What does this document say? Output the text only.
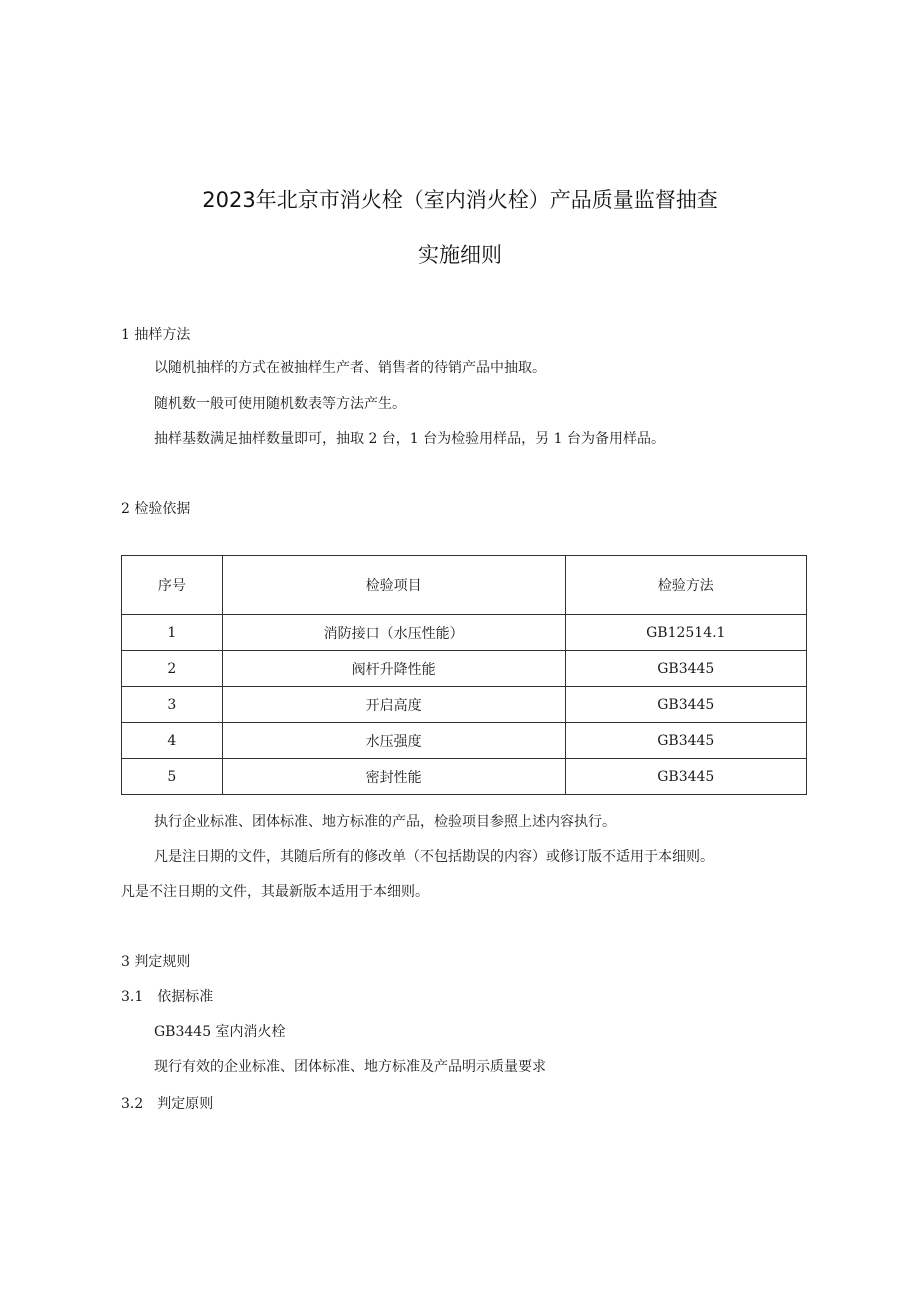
2023年北京市消火栓（室内消火栓）产品质量监督抽查
实施细则
1 抽样方法
以随机抽样的方式在被抽样生产者、销售者的待销产品中抽取。
随机数一般可使用随机数表等方法产生。
抽样基数满足抽样数量即可，抽取 2 台，1 台为检验用样品，另 1 台为备用样品。
2 检验依据
序号	检验项目	检验方法
1	消防接口（水压性能）	GB12514.1
2	阀杆升降性能	GB3445
3	开启高度	GB3445
4	水压强度	GB3445
5	密封性能	GB3445
执行企业标准、团体标准、地方标准的产品，检验项目参照上述内容执行。
凡是注日期的文件，其随后所有的修改单（不包括勘误的内容）或修订版不适用于本细则。
凡是不注日期的文件，其最新版本适用于本细则。
3 判定规则
3.1　依据标准
GB3445 室内消火栓
现行有效的企业标准、团体标准、地方标准及产品明示质量要求
3.2　判定原则
